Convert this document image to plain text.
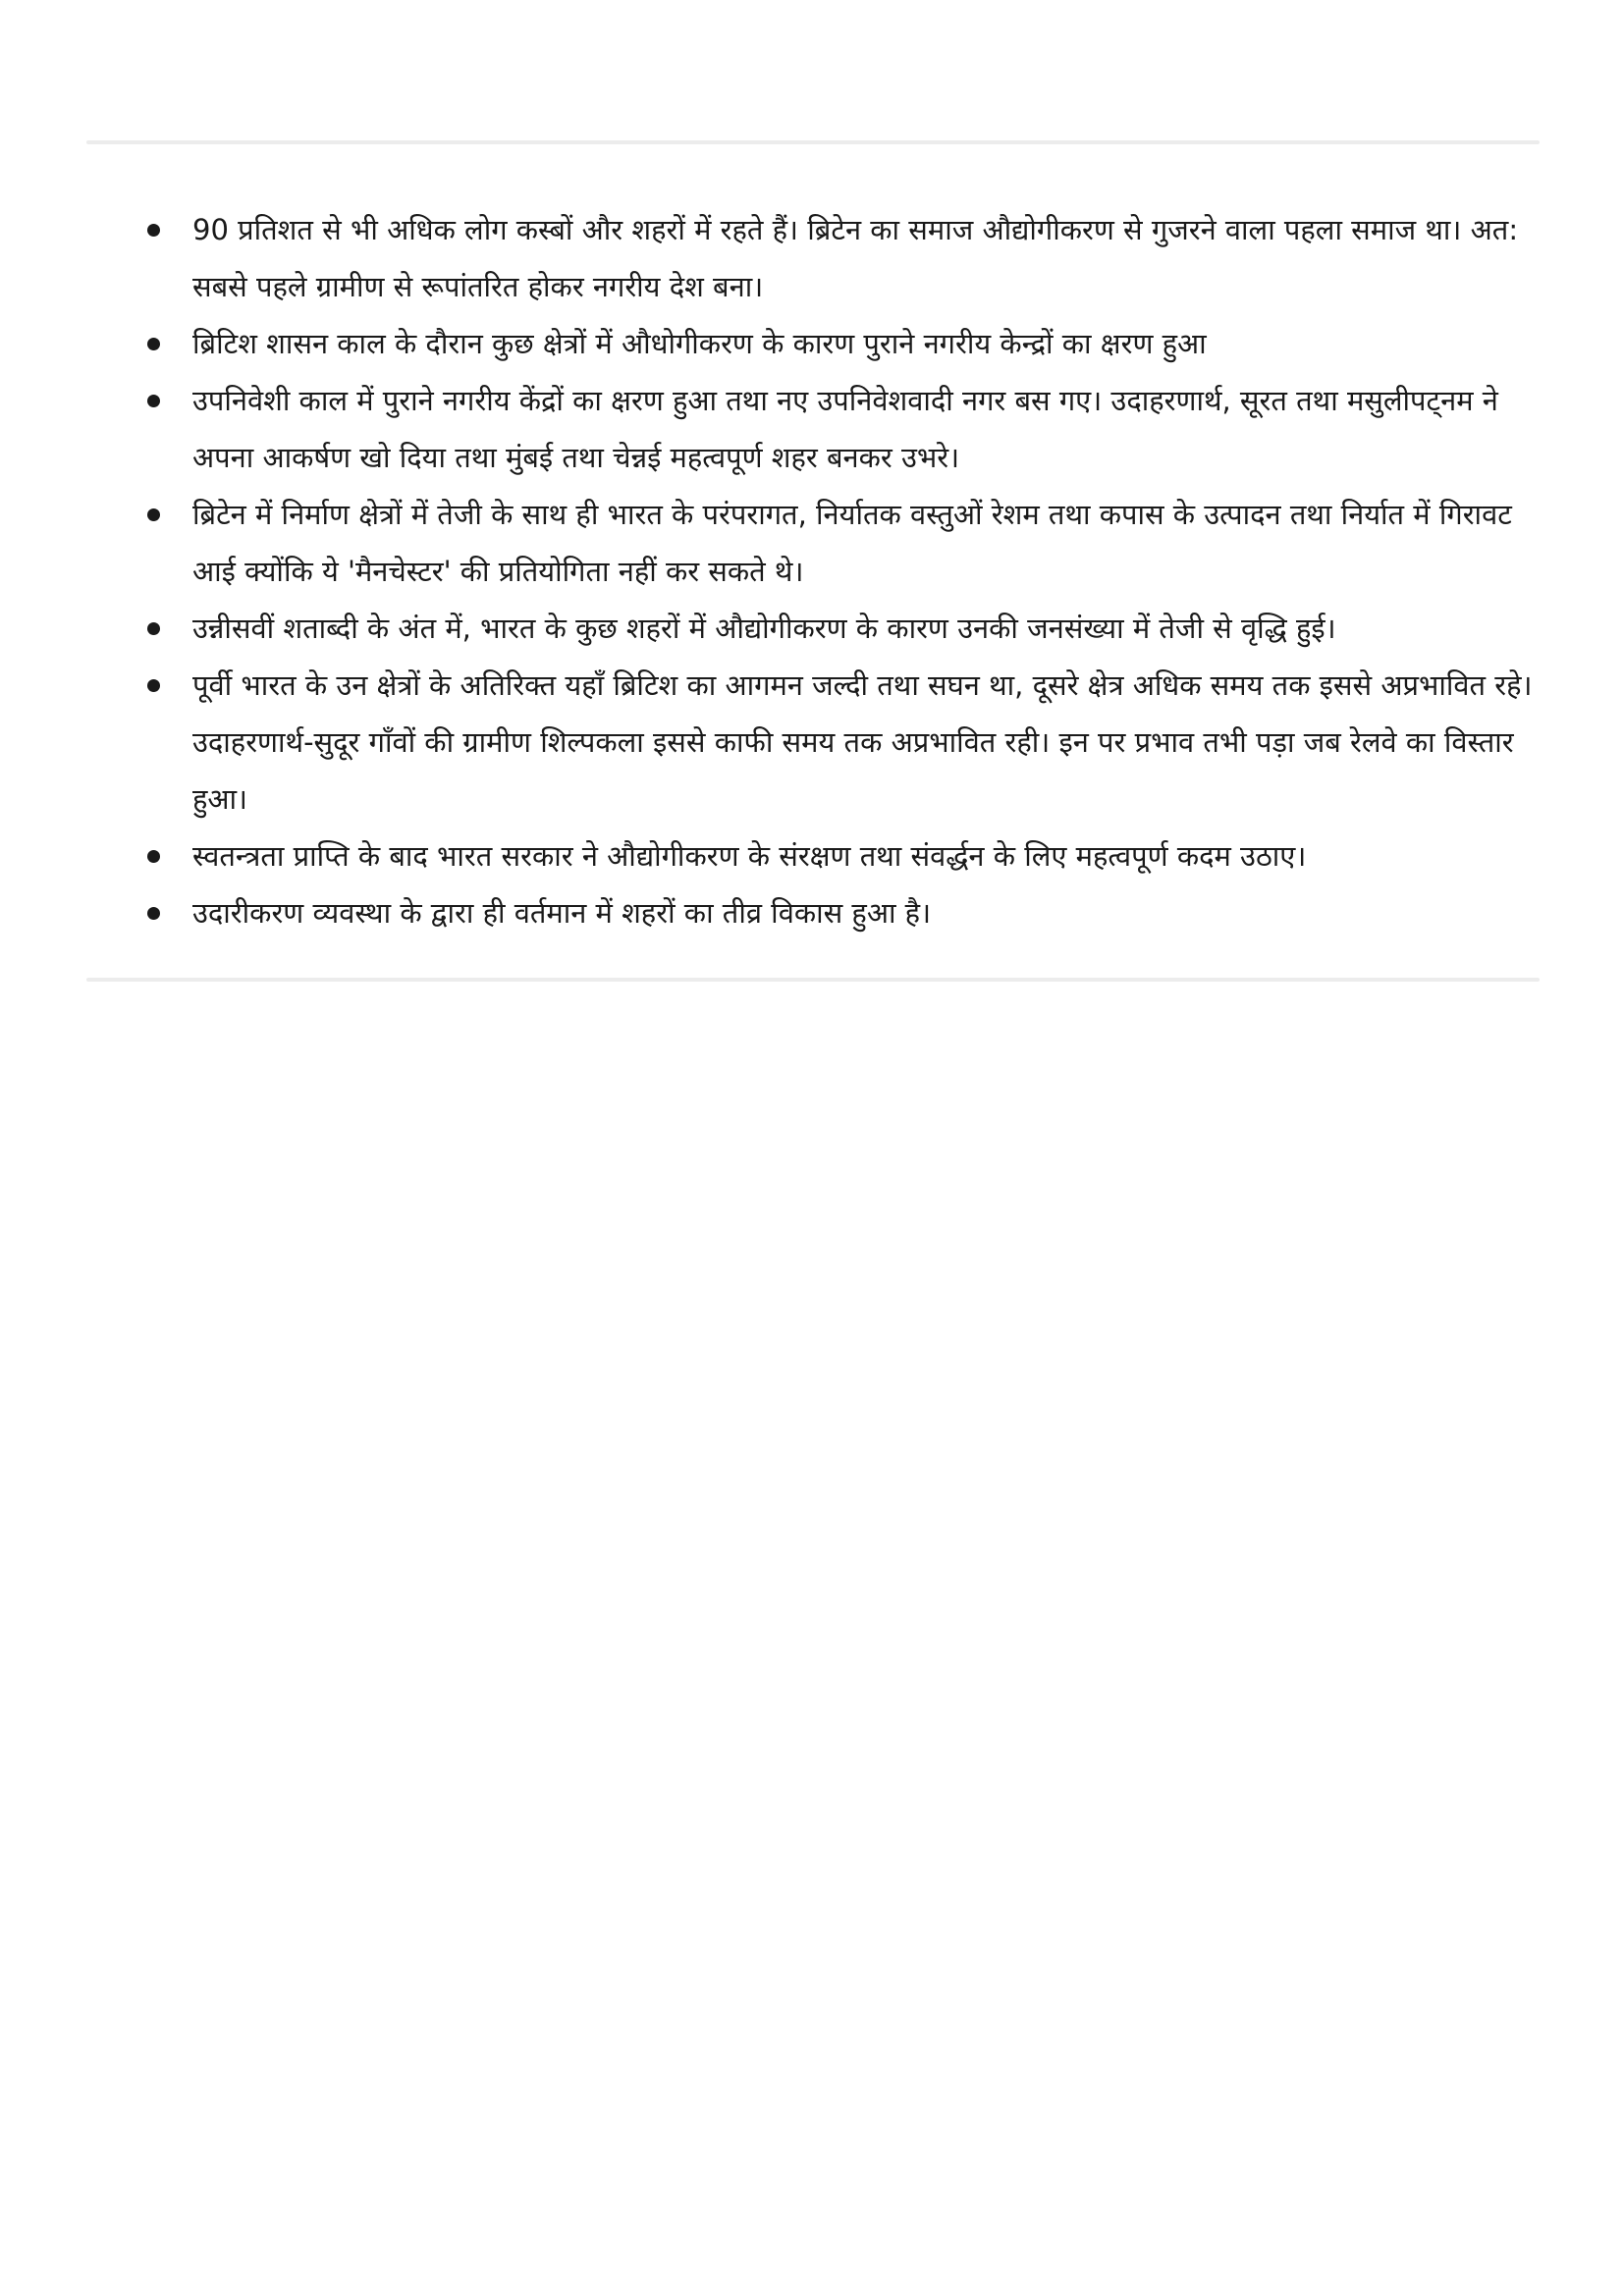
90 प्रतिशत से भी अधिक लोग कस्बों और शहरों में रहते हैं। ब्रिटेन का समाज औद्योगीकरण से गुजरने वाला पहला समाज था। अत: सबसे पहले ग्रामीण से रूपांतरित होकर नगरीय देश बना।
ब्रिटिश शासन काल के दौरान कुछ क्षेत्रों में औधोगीकरण के कारण पुराने नगरीय केन्द्रों का क्षरण हुआ
उपनिवेशी काल में पुराने नगरीय केंद्रों का क्षरण हुआ तथा नए उपनिवेशवादी नगर बस गए। उदाहरणार्थ, सूरत तथा मसुलीपट्नम ने अपना आकर्षण खो दिया तथा मुंबई तथा चेन्नई महत्वपूर्ण शहर बनकर उभरे।
ब्रिटेन में निर्माण क्षेत्रों में तेजी के साथ ही भारत के परंपरागत, निर्यातक वस्तुओं रेशम तथा कपास के उत्पादन तथा निर्यात में गिरावट आई क्योंकि ये 'मैनचेस्टर' की प्रतियोगिता नहीं कर सकते थे।
उन्नीसवीं शताब्दी के अंत में, भारत के कुछ शहरों में औद्योगीकरण के कारण उनकी जनसंख्या में तेजी से वृद्धि हुई।
पूर्वी भारत के उन क्षेत्रों के अतिरिक्त यहाँ ब्रिटिश का आगमन जल्दी तथा सघन था, दूसरे क्षेत्र अधिक समय तक इससे अप्रभावित रहे। उदाहरणार्थ-सुदूर गाँवों की ग्रामीण शिल्पकला इससे काफी समय तक अप्रभावित रही। इन पर प्रभाव तभी पड़ा जब रेलवे का विस्तार हुआ।
स्वतन्त्रता प्राप्ति के बाद भारत सरकार ने औद्योगीकरण के संरक्षण तथा संवर्द्धन के लिए महत्वपूर्ण कदम उठाए।
उदारीकरण व्यवस्था के द्वारा ही वर्तमान में शहरों का तीव्र विकास हुआ है।
